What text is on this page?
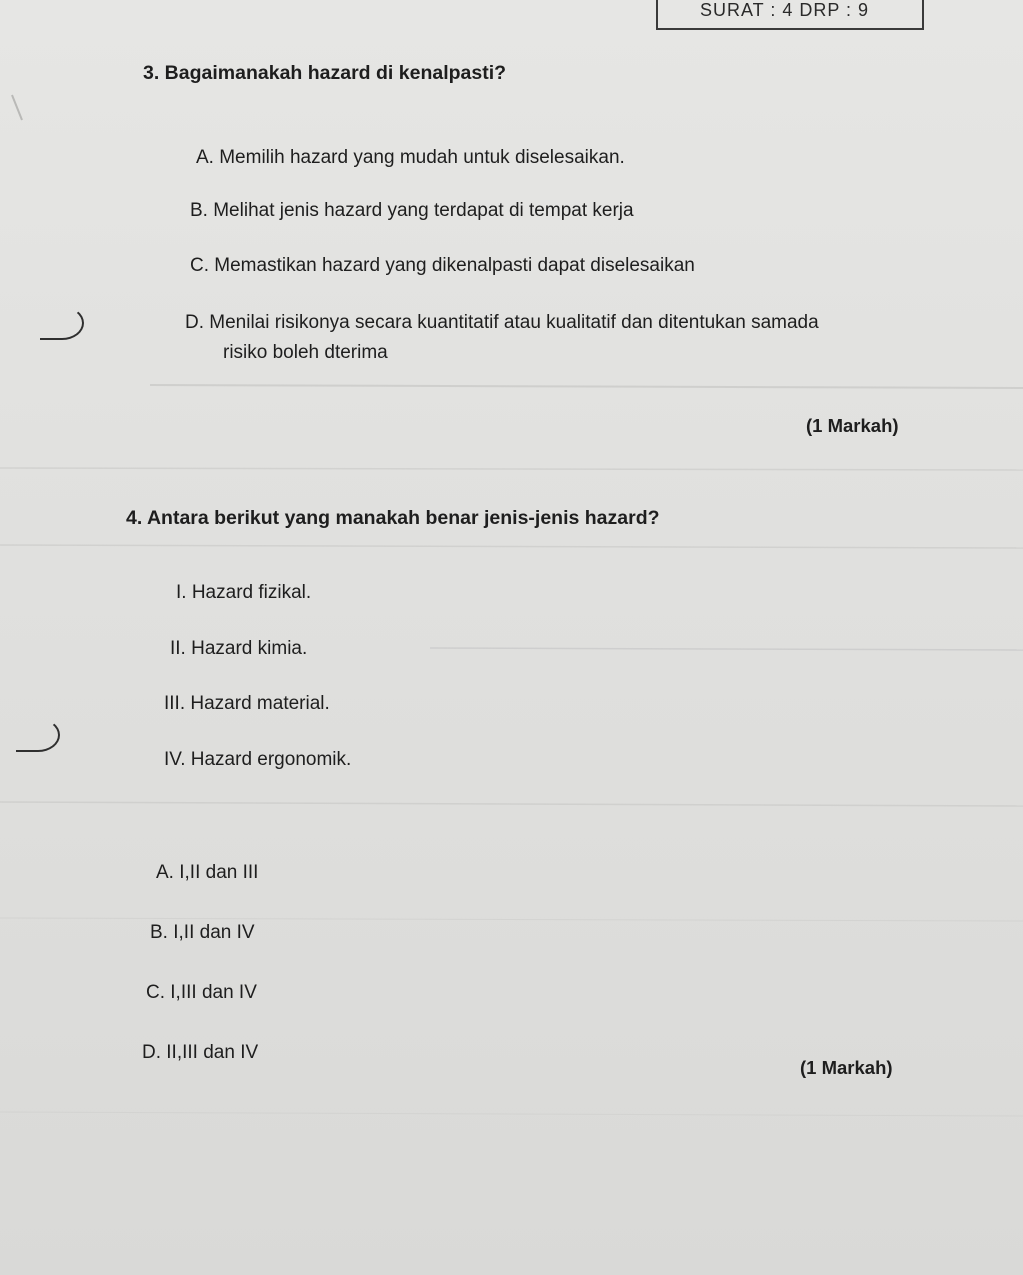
SURAT : 4 DRP : 9
3. Bagaimanakah hazard di kenalpasti?
A. Memilih hazard yang mudah untuk diselesaikan.
B. Melihat jenis hazard yang terdapat di tempat kerja
C. Memastikan hazard yang dikenalpasti dapat diselesaikan
D. Menilai risikonya secara kuantitatif atau kualitatif dan ditentukan samada
risiko boleh dterima
(1 Markah)
4. Antara berikut yang manakah benar jenis-jenis hazard?
I. Hazard fizikal.
II. Hazard kimia.
III. Hazard material.
IV. Hazard ergonomik.
A. I,II dan III
B. I,II dan IV
C. I,III dan IV
D. II,III dan IV
(1 Markah)
